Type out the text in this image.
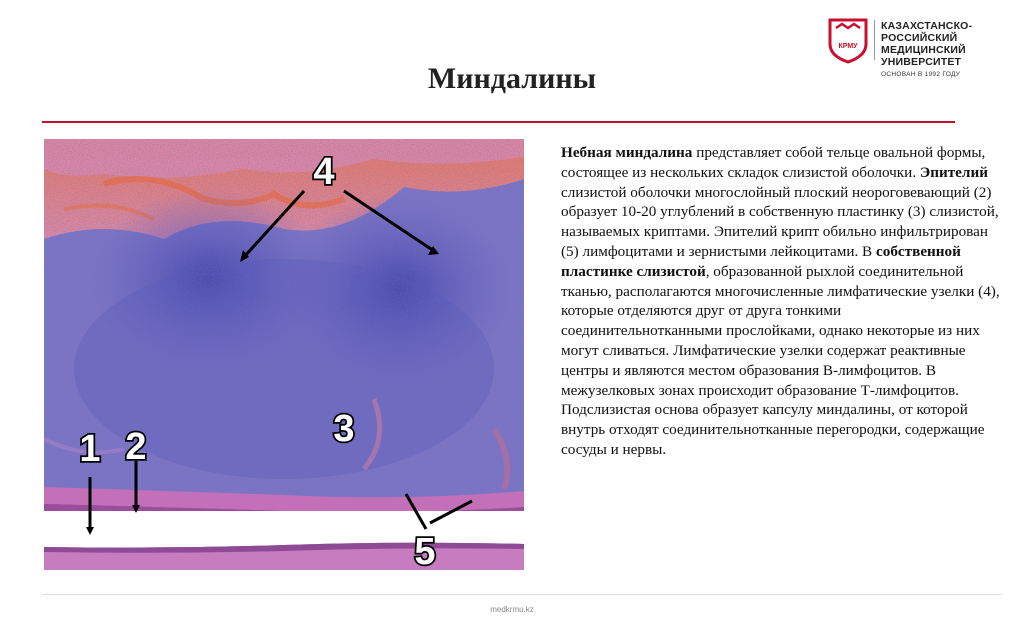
КРМУ
КАЗАХСТАНСКО-РОССИЙСКИЙ
МЕДИЦИНСКИЙ УНИВЕРСИТЕТ
ОСНОВАН В 1992 ГОДУ
Миндалины
4
3
1 2
5

Небная миндалина представляет собой тельце овальной формы, состоящее из нескольких складок слизистой оболочки. Эпителий слизистой оболочки многослойный плоский неороговевающий (2) образует 10-20 углублений в собственную пластинку (3) слизистой, называемых криптами. Эпителий крипт обильно инфильтрирован (5) лимфоцитами и зернистыми лейкоцитами. В собственной пластинке слизистой, образованной рыхлой соединительной тканью, располагаются многочисленные лимфатические узелки (4), которые отделяются друг от друга тонкими соединительнотканными прослойками, однако некоторые из них могут сливаться. Лимфатические узелки содержат реактивные центры и являются местом образования В-лимфоцитов. В межузелковых зонах происходит образование Т-лимфоцитов. Подслизистая основа образует капсулу миндалины, от которой внутрь отходят соединительнотканные перегородки, содержащие сосуды и нервы.

medkrmu.kz
